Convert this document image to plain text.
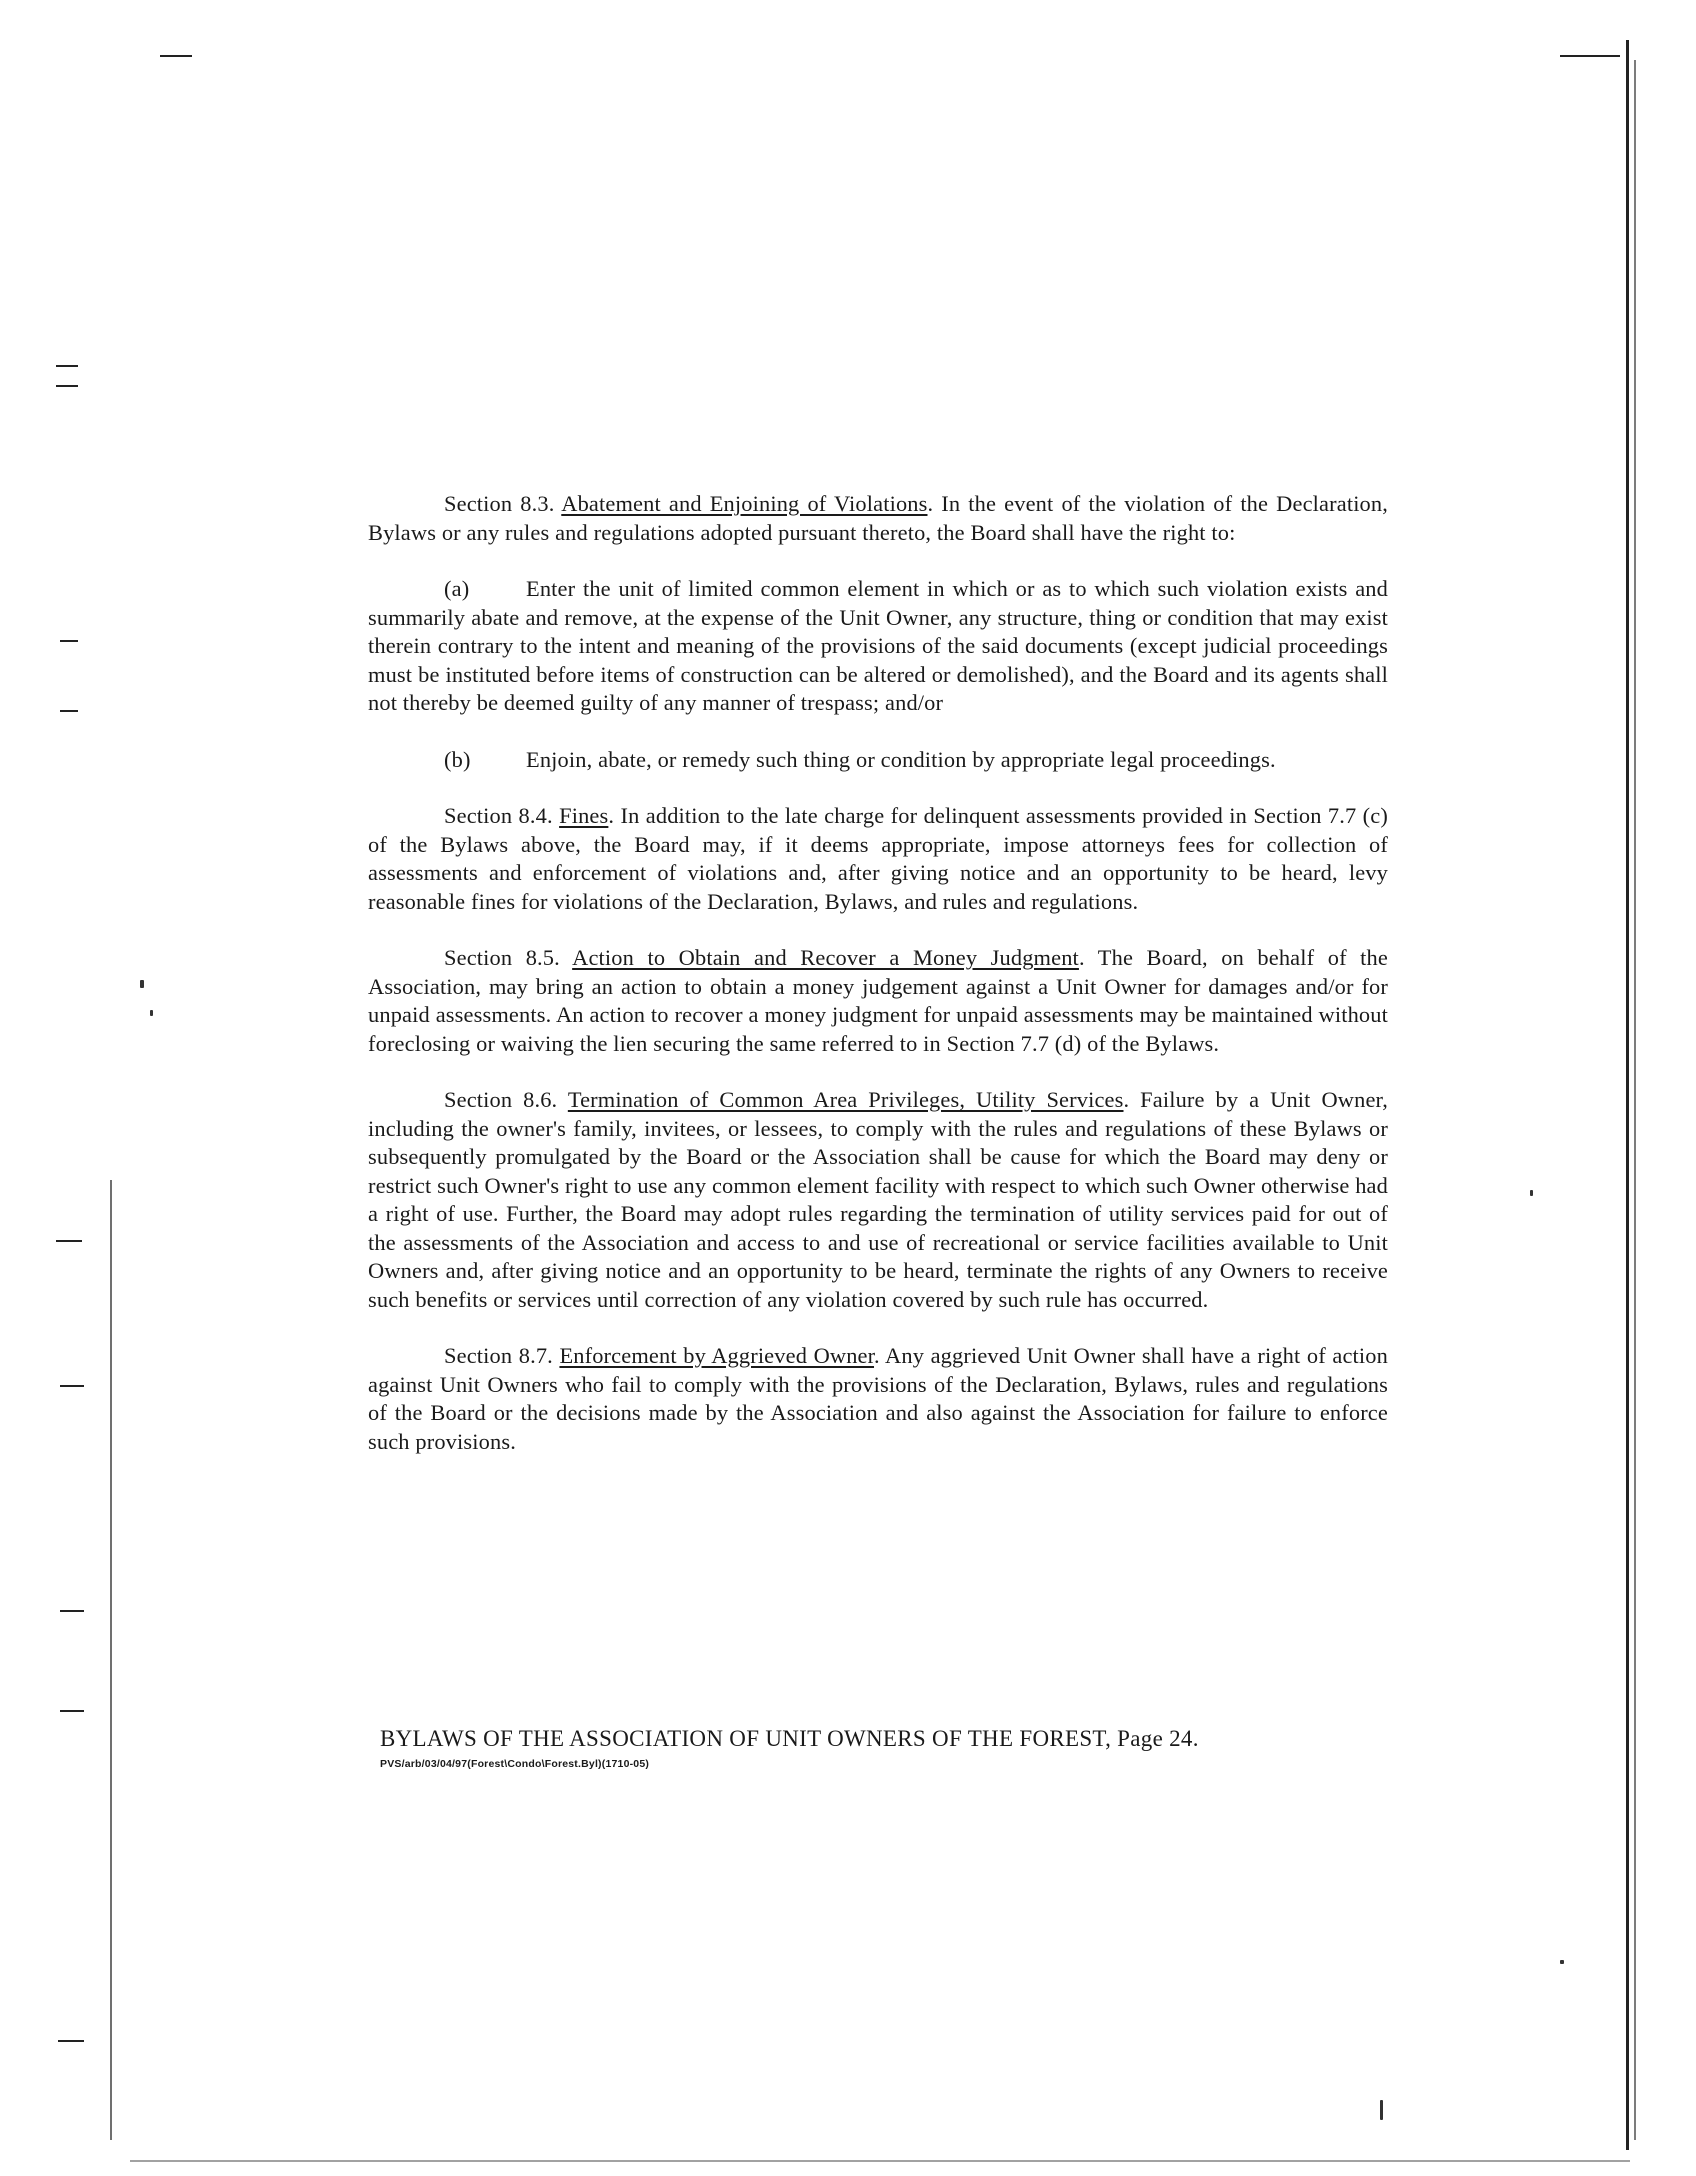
Section 8.3. Abatement and Enjoining of Violations. In the event of the violation of the Declaration, Bylaws or any rules and regulations adopted pursuant thereto, the Board shall have the right to:

(a)	Enter the unit of limited common element in which or as to which such violation exists and summarily abate and remove, at the expense of the Unit Owner, any structure, thing or condition that may exist therein contrary to the intent and meaning of the provisions of the said documents (except judicial proceedings must be instituted before items of construction can be altered or demolished), and the Board and its agents shall not thereby be deemed guilty of any manner of trespass; and/or

(b) Enjoin, abate, or remedy such thing or condition by appropriate legal proceedings.

Section 8.4. Fines. In addition to the late charge for delinquent assessments provided in Section 7.7 (c) of the Bylaws above, the Board may, if it deems appropriate, impose attorneys fees for collection of assessments and enforcement of violations and, after giving notice and an opportunity to be heard, levy reasonable fines for violations of the Declaration, Bylaws, and rules and regulations.

Section 8.5. Action to Obtain and Recover a Money Judgment. The Board, on behalf of the Association, may bring an action to obtain a money judgement against a Unit Owner for damages and/or for unpaid assessments. An action to recover a money judgment for unpaid assessments may be maintained without foreclosing or waiving the lien securing the same referred to in Section 7.7 (d) of the Bylaws.

Section 8.6. Termination of Common Area Privileges, Utility Services. Failure by a Unit Owner, including the owner's family, invitees, or lessees, to comply with the rules and regulations of these Bylaws or subsequently promulgated by the Board or the Association shall be cause for which the Board may deny or restrict such Owner's right to use any common element facility with respect to which such Owner otherwise had a right of use. Further, the Board may adopt rules regarding the termination of utility services paid for out of the assessments of the Association and access to and use of recreational or service facilities available to Unit Owners and, after giving notice and an opportunity to be heard, terminate the rights of any Owners to receive such benefits or services until correction of any violation covered by such rule has occurred.

Section 8.7. Enforcement by Aggrieved Owner. Any aggrieved Unit Owner shall have a right of action against Unit Owners who fail to comply with the provisions of the Declaration, Bylaws, rules and regulations of the Board or the decisions made by the Association and also against the Association for failure to enforce such provisions.

BYLAWS OF THE ASSOCIATION OF UNIT OWNERS OF THE FOREST, Page 24.
PVS/arb/03/04/97(Forest\Condo\Forest.Byl)(1710-05)
